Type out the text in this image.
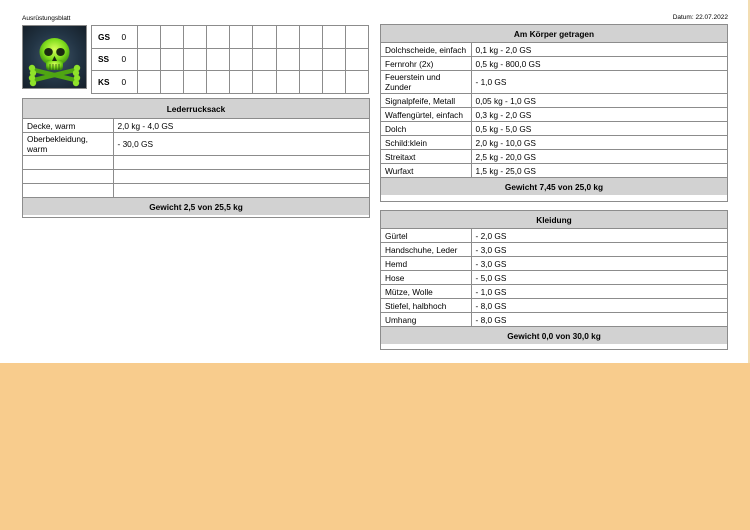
Ausrüstungsblatt	Datum: 22.07.2022
GS	0										
SS	0										
KS	0										
Lederrucksack	
Decke, warm	2,0 kg - 4,0 GS
Oberbekleidung, warm	- 30,0 GS

Gewicht 2,5 von 25,5 kg	
Am Körper getragen	
Dolchscheide, einfach	0,1 kg - 2,0 GS
Fernrohr (2x)	0,5 kg - 800,0 GS
Feuerstein und Zunder	- 1,0 GS
Signalpfeife, Metall	0,05 kg - 1,0 GS
Waffengürtel, einfach	0,3 kg - 2,0 GS
Dolch	0,5 kg - 5,0 GS
Schild:klein	2,0 kg - 10,0 GS
Streitaxt	2,5 kg - 20,0 GS
Wurfaxt	1,5 kg - 25,0 GS
Gewicht 7,45 von 25,0 kg	
Kleidung	
Gürtel	- 2,0 GS
Handschuhe, Leder	- 3,0 GS
Hemd	- 3,0 GS
Hose	- 5,0 GS
Mütze, Wolle	- 1,0 GS
Stiefel, halbhoch	- 8,0 GS
Umhang	- 8,0 GS
Gewicht 0,0 von 30,0 kg	
